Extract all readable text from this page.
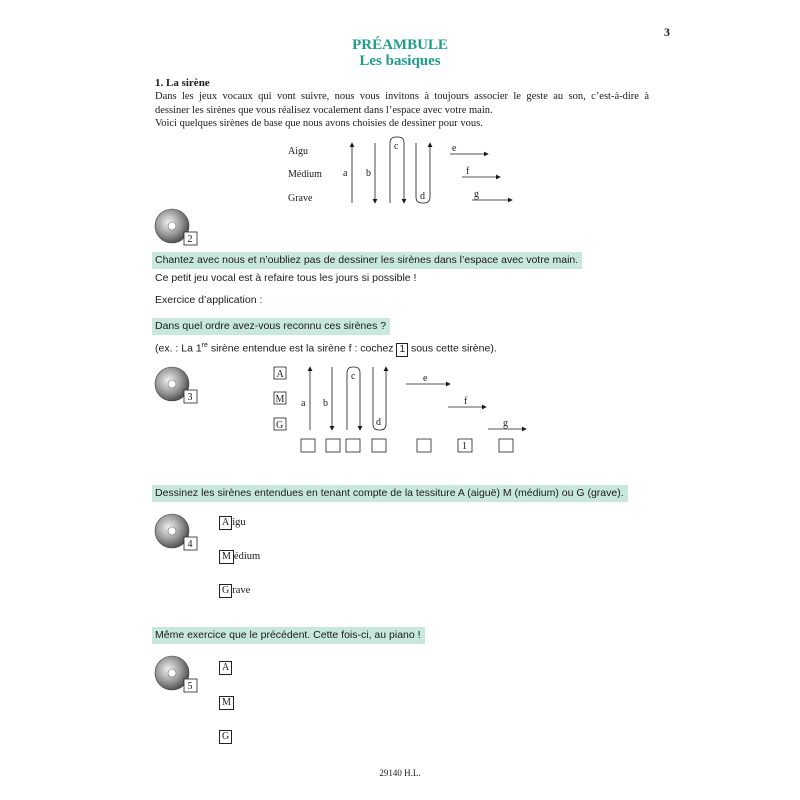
3
PRÉAMBULE
Les basiques
1. La sirène
Dans les jeux vocaux qui vont suivre, nous vous invitons à toujours associer le geste au son, c’est-à-dire à
dessiner les sirènes que vous réalisez vocalement dans l’espace avec votre main.
Voici quelques sirènes de base que nous avons choisies de dessiner pour vous.
Aigu
Médium
Grave
a b
c
d
e
f
g
2
Chantez avec nous et n’oubliez pas de dessiner les sirènes dans l’espace avec votre main.
Ce petit jeu vocal est à refaire tous les jours si possible !
Exercice d’application :
Dans quel ordre avez-vous reconnu ces sirènes ?
(ex. : La 1re sirène entendue est la sirène f : cochez 1 sous cette sirène).
3
A
M
G
a b
c
d
e
f
g
1
Dessinez les sirènes entendues en tenant compte de la tessiture A (aiguë) M (médium) ou G (grave).
4
A igu
M édium
G rave
Même exercice que le précédent. Cette fois-ci, au piano !
5
A
M
G
29140 H.L.
